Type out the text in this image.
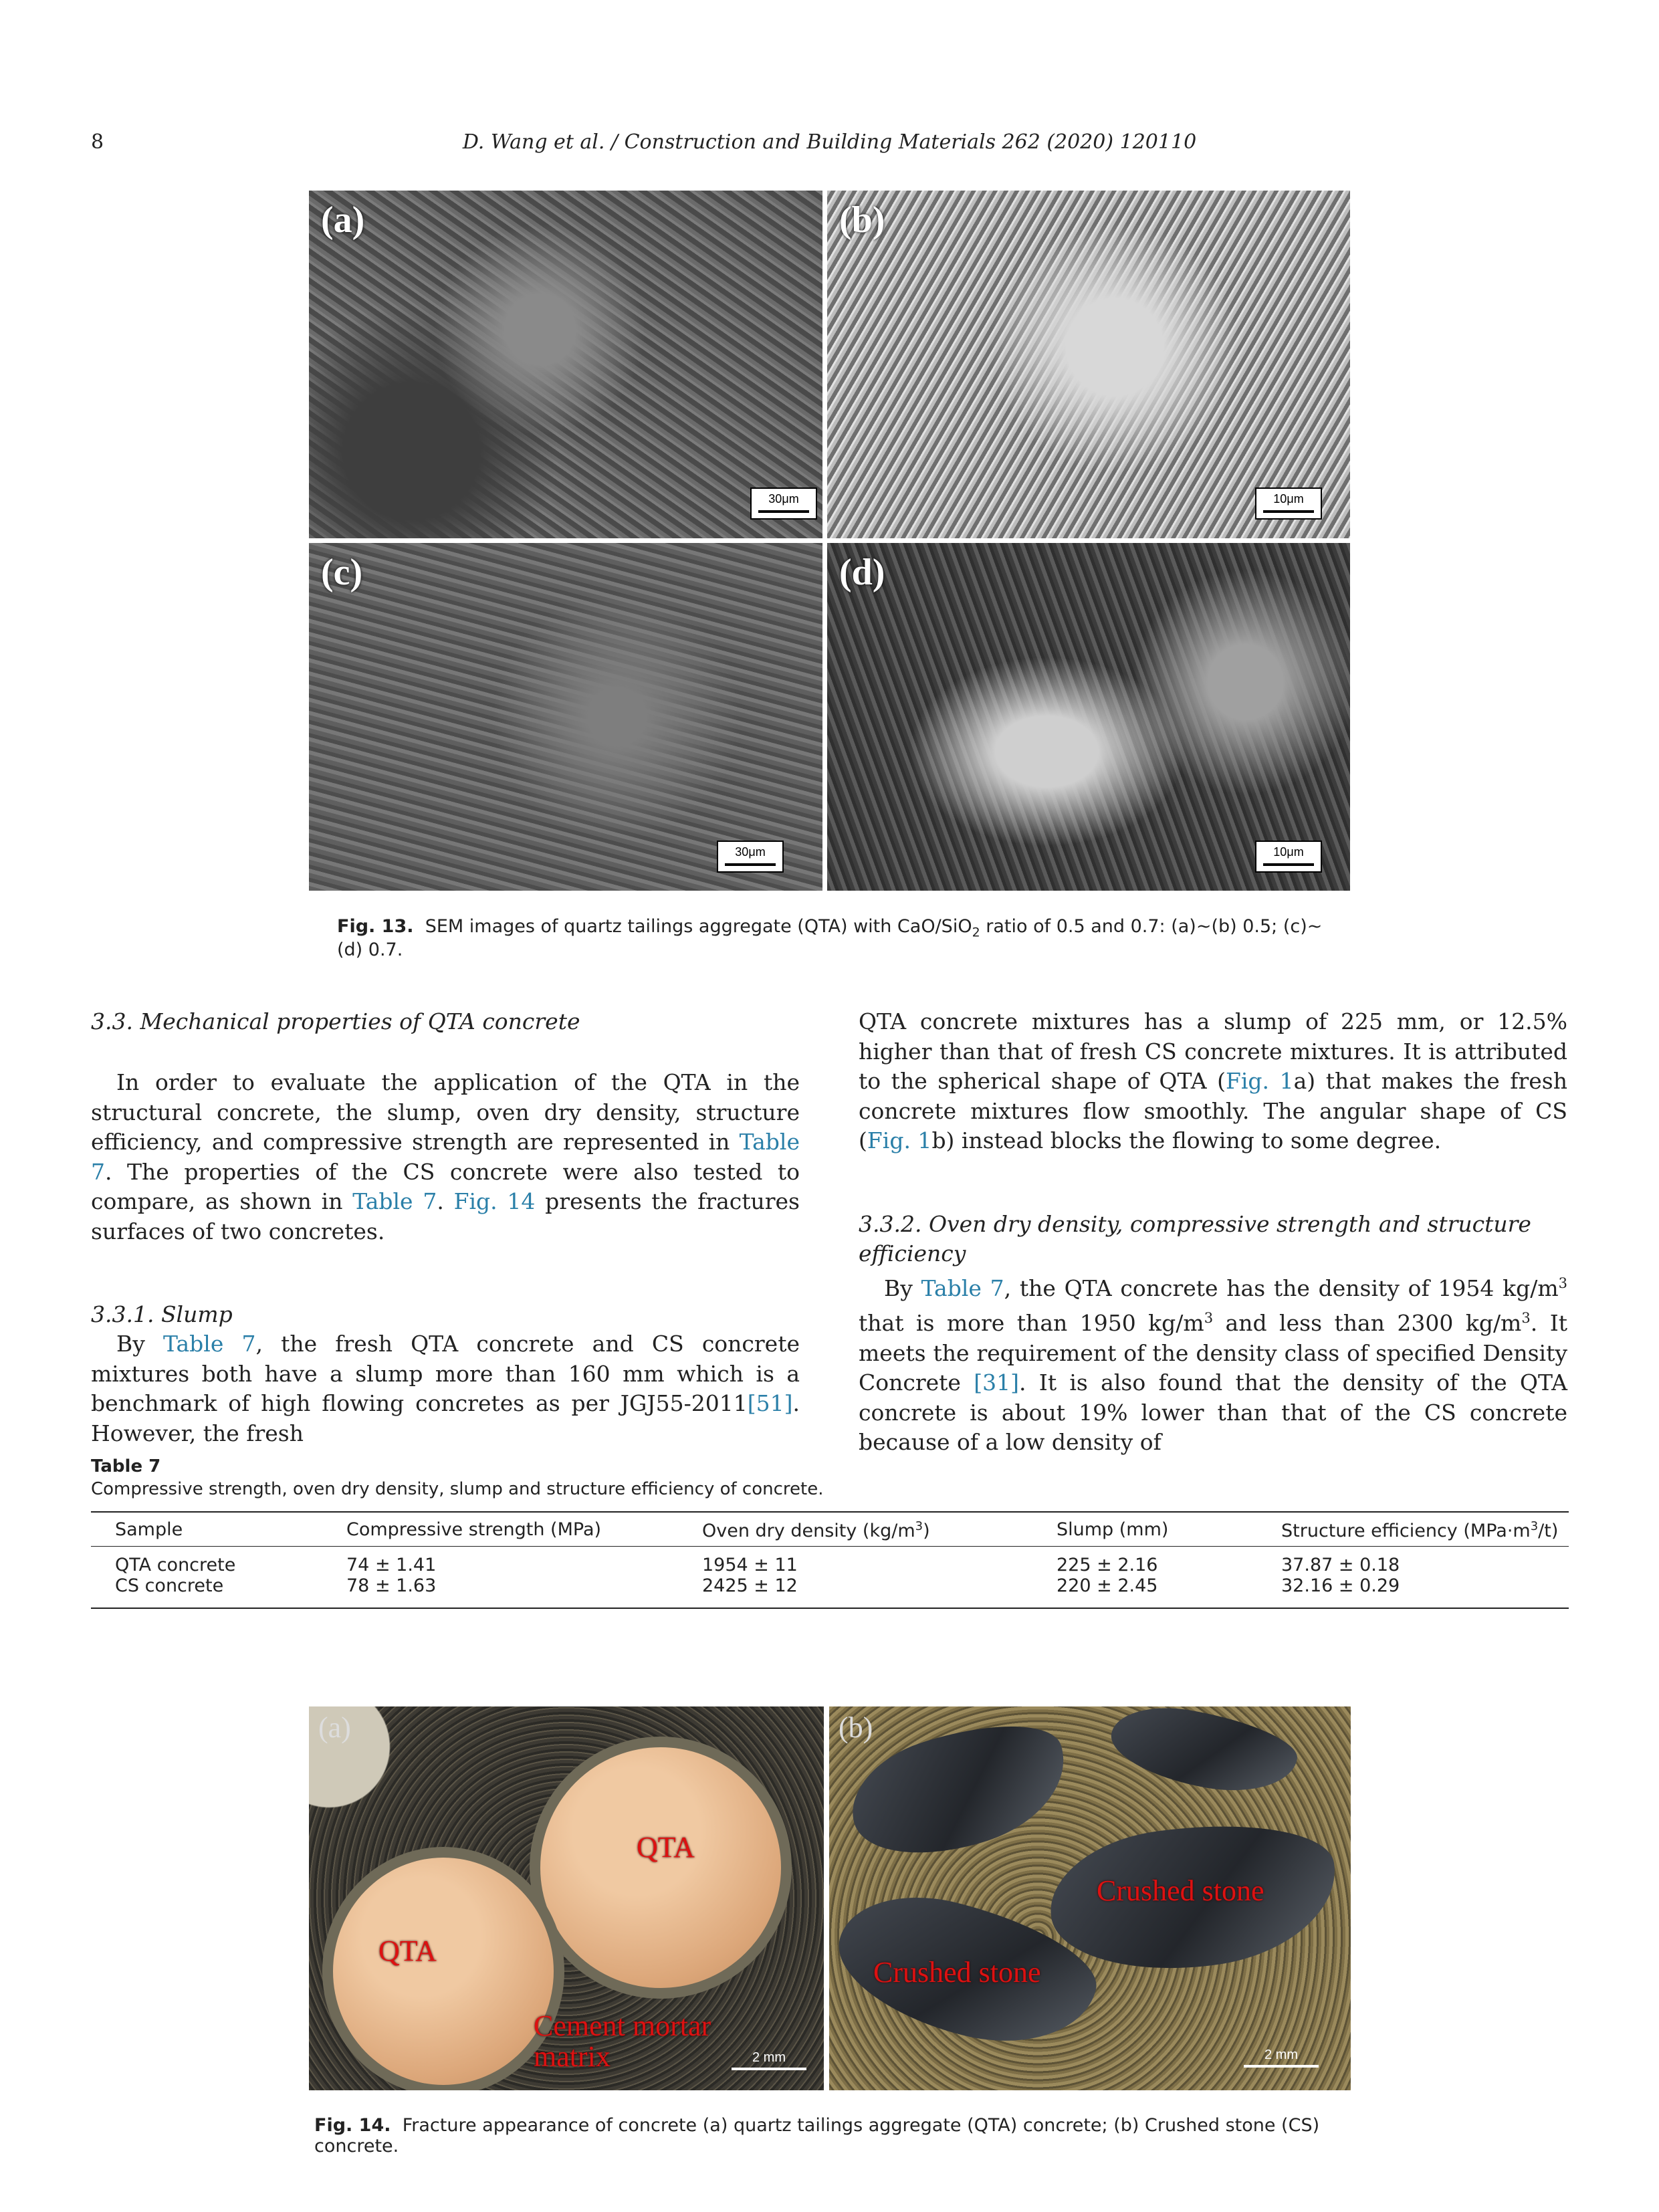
8	D. Wang et al. / Construction and Building Materials 262 (2020) 120110
(a)
30μm
(b)
10μm
(c)
30μm
(d)
10μm
Fig. 13. SEM images of quartz tailings aggregate (QTA) with CaO/SiO$_2$ ratio of 0.5 and 0.7: (a)~(b) 0.5; (c)~(d) 0.7.
3.3. Mechanical properties of QTA concrete

In order to evaluate the application of the QTA in the structural concrete, the slump, oven dry density, structure efficiency, and compressive strength are represented in Table 7. The properties of the CS concrete were also tested to compare, as shown in Table 7. Fig. 14 presents the fractures surfaces of two concretes.

3.3.1. Slump

By Table 7, the fresh QTA concrete and CS concrete mixtures both have a slump more than 160 mm which is a benchmark of high flowing concretes as per JGJ55-2011[51]. However, the fresh

QTA concrete mixtures has a slump of 225 mm, or 12.5% higher than that of fresh CS concrete mixtures. It is attributed to the spherical shape of QTA (Fig. 1a) that makes the fresh concrete mixtures flow smoothly. The angular shape of CS (Fig. 1b) instead blocks the flowing to some degree.

3.3.2. Oven dry density, compressive strength and structure efficiency

By Table 7, the QTA concrete has the density of 1954 $kg/m^3$ that is more than 1950 $kg/m^3$ and less than 2300 $kg/m^3$. It meets the requirement of the density class of specified Density Concrete [31]. It is also found that the density of the QTA concrete is about 19% lower than that of the CS concrete because of a low density of

Table 7
Compressive strength, oven dry density, slump and structure efficiency of concrete.
Sample	Compressive strength (MPa)	Oven dry density $(kg/m^3)$	Slump (mm)	Structure efficiency $(MPa\cdot m^3/t)$

QTA concrete	74 ± 1.41	1954 ± 11	225 ± 2.16	37.87 ± 0.18
CS concrete	78 ± 1.63	2425 ± 12	220 ± 2.45	32.16 ± 0.29
(a)
QTA
QTA
Cement mortar
matrix	2 mm
(b)
Crushed stone
Crushed stone
2 mm
Fig. 14. Fracture appearance of concrete (a) quartz tailings aggregate (QTA) concrete; (b) Crushed stone (CS) concrete.
